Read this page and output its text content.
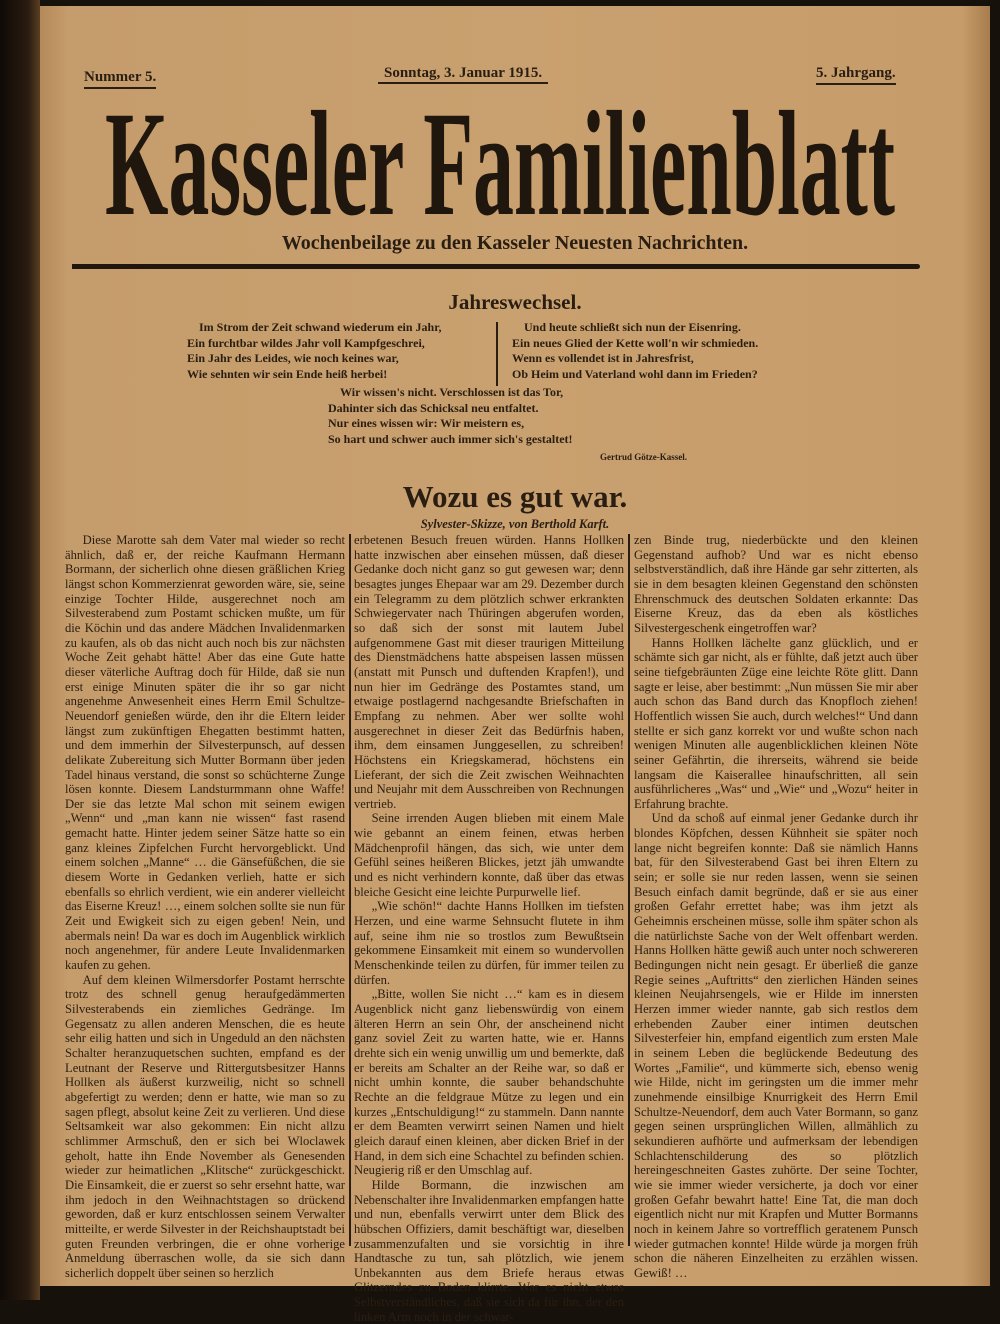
Nummer 5.	Sonntag, 3. Januar 1915.	5. Jahrgang.
Kasseler Familienblatt
Wochenbeilage zu den Kasseler Neuesten Nachrichten.
Jahreswechsel.
Im Strom der Zeit schwand wiederum ein Jahr,
Ein furchtbar wildes Jahr voll Kampfgeschrei,
Ein Jahr des Leides, wie noch keines war,
Wie sehnten wir sein Ende heiß herbei!
Und heute schließt sich nun der Eisenring.
Ein neues Glied der Kette woll'n wir schmieden.
Wenn es vollendet ist in Jahresfrist,
Ob Heim und Vaterland wohl dann im Frieden?
Wir wissen's nicht. Verschlossen ist das Tor,
Dahinter sich das Schicksal neu entfaltet.
Nur eines wissen wir: Wir meistern es,
So hart und schwer auch immer sich's gestaltet!
Gertrud Götze-Kassel.
Wozu es gut war.
Sylvester-Skizze, von Berthold Karft.

Diese Marotte sah dem Vater mal wieder so recht ähnlich, daß er, der reiche Kaufmann Hermann Bormann, der sicherlich ohne diesen gräßlichen Krieg längst schon Kommerzienrat geworden wäre, sie, seine einzige Tochter Hilde, ausgerechnet noch am Silvesterabend zum Postamt schicken mußte, um für die Köchin und das andere Mädchen Invalidenmarken zu kaufen, als ob das nicht auch noch bis zur nächsten Woche Zeit gehabt hätte! Aber das eine Gute hatte dieser väterliche Auftrag doch für Hilde, daß sie nun erst einige Minuten später die ihr so gar nicht angenehme Anwesenheit eines Herrn Emil Schultze-Neuendorf genießen würde, den ihr die Eltern leider längst zum zukünftigen Ehegatten bestimmt hatten, und dem immerhin der Silvesterpunsch, auf dessen delikate Zubereitung sich Mutter Bormann über jeden Tadel hinaus verstand, die sonst so schüchterne Zunge lösen konnte. Diesem Landsturmmann ohne Waffe! Der sie das letzte Mal schon mit seinem ewigen „Wenn“ und „man kann nie wissen“ fast rasend gemacht hatte. Hinter jedem seiner Sätze hatte so ein ganz kleines Zipfelchen Furcht hervorgeblickt. Und einem solchen „Manne“ … die Gänsefüßchen, die sie diesem Worte in Gedanken verlieh, hatte er sich ebenfalls so ehrlich verdient, wie ein anderer vielleicht das Eiserne Kreuz! …, einem solchen sollte sie nun für Zeit und Ewigkeit sich zu eigen geben! Nein, und abermals nein! Da war es doch im Augenblick wirklich noch angenehmer, für andere Leute Invalidenmarken kaufen zu gehen.

Auf dem kleinen Wilmersdorfer Postamt herrschte trotz des schnell genug heraufgedämmerten Silvesterabends ein ziemliches Gedränge. Im Gegensatz zu allen anderen Menschen, die es heute sehr eilig hatten und sich in Ungeduld an den nächsten Schalter heranzuquetschen suchten, empfand es der Leutnant der Reserve und Rittergutsbesitzer Hanns Hollken als äußerst kurzweilig, nicht so schnell abgefertigt zu werden; denn er hatte, wie man so zu sagen pflegt, absolut keine Zeit zu verlieren. Und diese Seltsamkeit war also gekommen: Ein nicht allzu schlimmer Armschuß, den er sich bei Wloclawek geholt, hatte ihn Ende November als Genesenden wieder zur heimatlichen „Klitsche“ zurückgeschickt. Die Einsamkeit, die er zuerst so sehr ersehnt hatte, war ihm jedoch in den Weihnachtstagen so drückend geworden, daß er kurz entschlossen seinem Verwalter mitteilte, er werde Silvester in der Reichshauptstadt bei guten Freunden verbringen, die er ohne vorherige Anmeldung überraschen wolle, da sie sich dann sicherlich doppelt über seinen so herzlich

erbetenen Besuch freuen würden. Hanns Hollken hatte inzwischen aber einsehen müssen, daß dieser Gedanke doch nicht ganz so gut gewesen war; denn besagtes junges Ehepaar war am 29. Dezember durch ein Telegramm zu dem plötzlich schwer erkrankten Schwiegervater nach Thüringen abgerufen worden, so daß sich der sonst mit lautem Jubel aufgenommene Gast mit dieser traurigen Mitteilung des Dienstmädchens hatte abspeisen lassen müssen (anstatt mit Punsch und duftenden Krapfen!), und nun hier im Gedränge des Postamtes stand, um etwaige postlagernd nachgesandte Briefschaften in Empfang zu nehmen. Aber wer sollte wohl ausgerechnet in dieser Zeit das Bedürfnis haben, ihm, dem einsamen Junggesellen, zu schreiben! Höchstens ein Kriegskamerad, höchstens ein Lieferant, der sich die Zeit zwischen Weihnachten und Neujahr mit dem Ausschreiben von Rechnungen vertrieb.

Seine irrenden Augen blieben mit einem Male wie gebannt an einem feinen, etwas herben Mädchenprofil hängen, das sich, wie unter dem Gefühl seines heißeren Blickes, jetzt jäh umwandte und es nicht verhindern konnte, daß über das etwas bleiche Gesicht eine leichte Purpurwelle lief.

„Wie schön!“ dachte Hanns Hollken im tiefsten Herzen, und eine warme Sehnsucht flutete in ihm auf, seine ihm nie so trostlos zum Bewußtsein gekommene Einsamkeit mit einem so wundervollen Menschenkinde teilen zu dürfen, für immer teilen zu dürfen.

„Bitte, wollen Sie nicht …“ kam es in diesem Augenblick nicht ganz liebenswürdig von einem älteren Herrn an sein Ohr, der anscheinend nicht ganz soviel Zeit zu warten hatte, wie er. Hanns drehte sich ein wenig unwillig um und bemerkte, daß er bereits am Schalter an der Reihe war, so daß er nicht umhin konnte, die sauber behandschuhte Rechte an die feldgraue Mütze zu legen und ein kurzes „Entschuldigung!“ zu stammeln. Dann nannte er dem Beamten verwirrt seinen Namen und hielt gleich darauf einen kleinen, aber dicken Brief in der Hand, in dem sich eine Schachtel zu befinden schien. Neugierig riß er den Umschlag auf.

Hilde Bormann, die inzwischen am Nebenschalter ihre Invalidenmarken empfangen hatte und nun, ebenfalls verwirrt unter dem Blick des hübschen Offiziers, damit beschäftigt war, dieselben zusammenzufalten und sie vorsichtig in ihre Handtasche zu tun, sah plötzlich, wie jenem Unbekannten aus dem Briefe heraus etwas Glitzerndes zu Boden klirrte. War es nicht etwas Selbstverständliches, daß sie sich da für ihn, der den linken Arm noch in der schwar-

zen Binde trug, niederbückte und den kleinen Gegenstand aufhob? Und war es nicht ebenso selbstverständlich, daß ihre Hände gar sehr zitterten, als sie in dem besagten kleinen Gegenstand den schönsten Ehrenschmuck des deutschen Soldaten erkannte: Das Eiserne Kreuz, das da eben als köstliches Silvestergeschenk eingetroffen war?

Hanns Hollken lächelte ganz glücklich, und er schämte sich gar nicht, als er fühlte, daß jetzt auch über seine tiefgebräunten Züge eine leichte Röte glitt. Dann sagte er leise, aber bestimmt: „Nun müssen Sie mir aber auch schon das Band durch das Knopfloch ziehen! Hoffentlich wissen Sie auch, durch welches!“ Und dann stellte er sich ganz korrekt vor und wußte schon nach wenigen Minuten alle augenblicklichen kleinen Nöte seiner Gefährtin, die ihrerseits, während sie beide langsam die Kaiserallee hinaufschritten, all sein ausführlicheres „Was“ und „Wie“ und „Wozu“ heiter in Erfahrung brachte.

Und da schoß auf einmal jener Gedanke durch ihr blondes Köpfchen, dessen Kühnheit sie später noch lange nicht begreifen konnte: Daß sie nämlich Hanns bat, für den Silvesterabend Gast bei ihren Eltern zu sein; er solle sie nur reden lassen, wenn sie seinen Besuch einfach damit begründe, daß er sie aus einer großen Gefahr errettet habe; was ihm jetzt als Geheimnis erscheinen müsse, solle ihm später schon als die natürlichste Sache von der Welt offenbart werden. Hanns Hollken hätte gewiß auch unter noch schwereren Bedingungen nicht nein gesagt. Er überließ die ganze Regie seines „Auftritts“ den zierlichen Händen seines kleinen Neujahrsengels, wie er Hilde im innersten Herzen immer wieder nannte, gab sich restlos dem erhebenden Zauber einer intimen deutschen Silvesterfeier hin, empfand eigentlich zum ersten Male in seinem Leben die beglückende Bedeutung des Wortes „Familie“, und kümmerte sich, ebenso wenig wie Hilde, nicht im geringsten um die immer mehr zunehmende einsilbige Knurrigkeit des Herrn Emil Schultze-Neuendorf, dem auch Vater Bormann, so ganz gegen seinen ursprünglichen Willen, allmählich zu sekundieren aufhörte und aufmerksam der lebendigen Schlachtenschilderung des so plötzlich hereingeschneiten Gastes zuhörte. Der seine Tochter, wie sie immer wieder versicherte, ja doch vor einer großen Gefahr bewahrt hatte! Eine Tat, die man doch eigentlich nicht nur mit Krapfen und Mutter Bormanns noch in keinem Jahre so vortrefflich geratenem Punsch wieder gutmachen konnte! Hilde würde ja morgen früh schon die näheren Einzelheiten zu erzählen wissen. Gewiß! …
